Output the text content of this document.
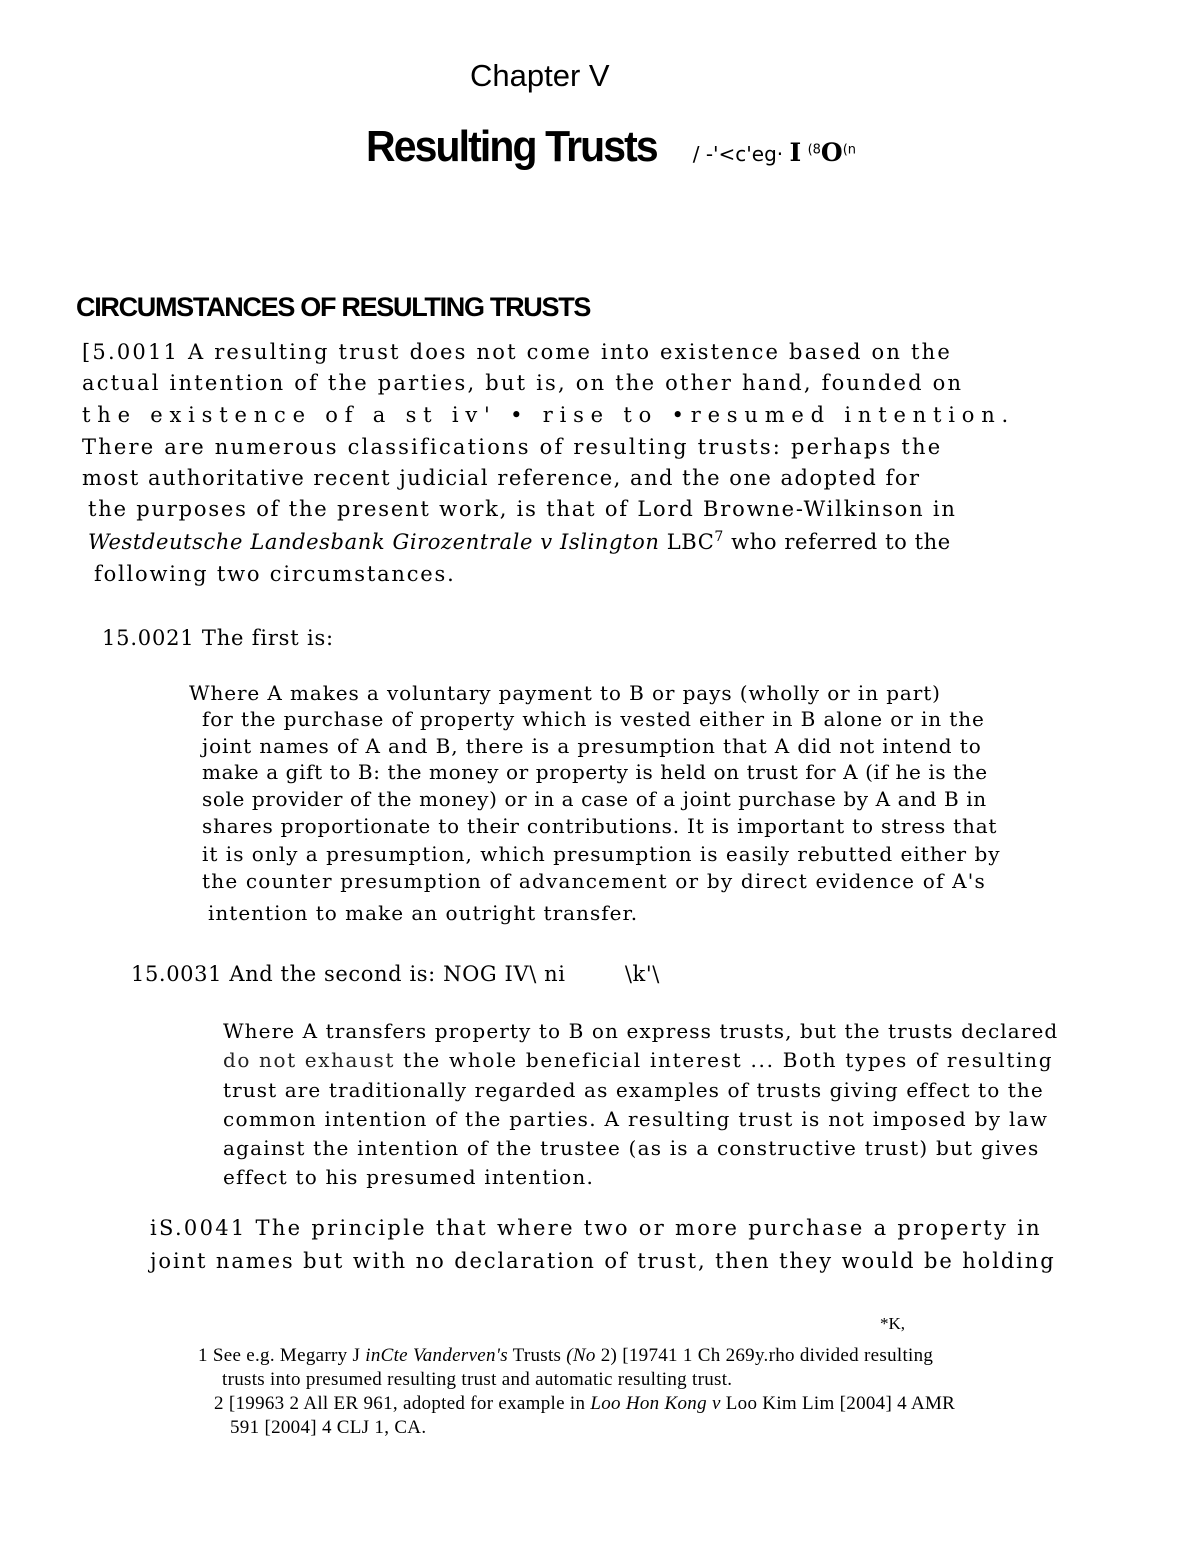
Chapter V
Resulting Trusts / -'<c'eg· I $^{(8}O^{(n}$
CIRCUMSTANCES OF RESULTING TRUSTS
[5.0011 A resulting trust does not come into existence based on the
actual intention of the parties, but is, on the other hand, founded on
the existence of a st iv' • rise to •resumed intention.
There are numerous classifications of resulting trusts: perhaps the
most authoritative recent judicial reference, and the one adopted for
the purposes of the present work, is that of Lord Browne-Wilkinson in
Westdeutsche Landesbank Girozentrale v Islington LBC$^7$ who referred to the
following two circumstances.
15.0021 The first is:
Where A makes a voluntary payment to B or pays (wholly or in part)
for the purchase of property which is vested either in B alone or in the
joint names of A and B, there is a presumption that A did not intend to
make a gift to B: the money or property is held on trust for A (if he is the
sole provider of the money) or in a case of a joint purchase by A and B in
shares proportionate to their contributions. It is important to stress that
it is only a presumption, which presumption is easily rebutted either by
the counter presumption of advancement or by direct evidence of A's
intention to make an outright transfer.
15.0031 And the second is: NOG IV\ ni	\k'\
Where A transfers property to B on express trusts, but the trusts declared
do not exhaust the whole beneficial interest ... Both types of resulting
trust are traditionally regarded as examples of trusts giving effect to the
common intention of the parties. A resulting trust is not imposed by law
against the intention of the trustee (as is a constructive trust) but gives
effect to his presumed intention.
iS.0041 The principle that where two or more purchase a property in
joint names but with no declaration of trust, then they would be holding
*K,
1 See e.g. Megarry J inCte Vanderven's Trusts (No 2) [19741 1 Ch 269y.rho divided resulting
trusts into presumed resulting trust and automatic resulting trust.
2 [19963 2 All ER 961, adopted for example in Loo Hon Kong v Loo Kim Lim [2004] 4 AMR
591 [2004] 4 CLJ 1, CA.
